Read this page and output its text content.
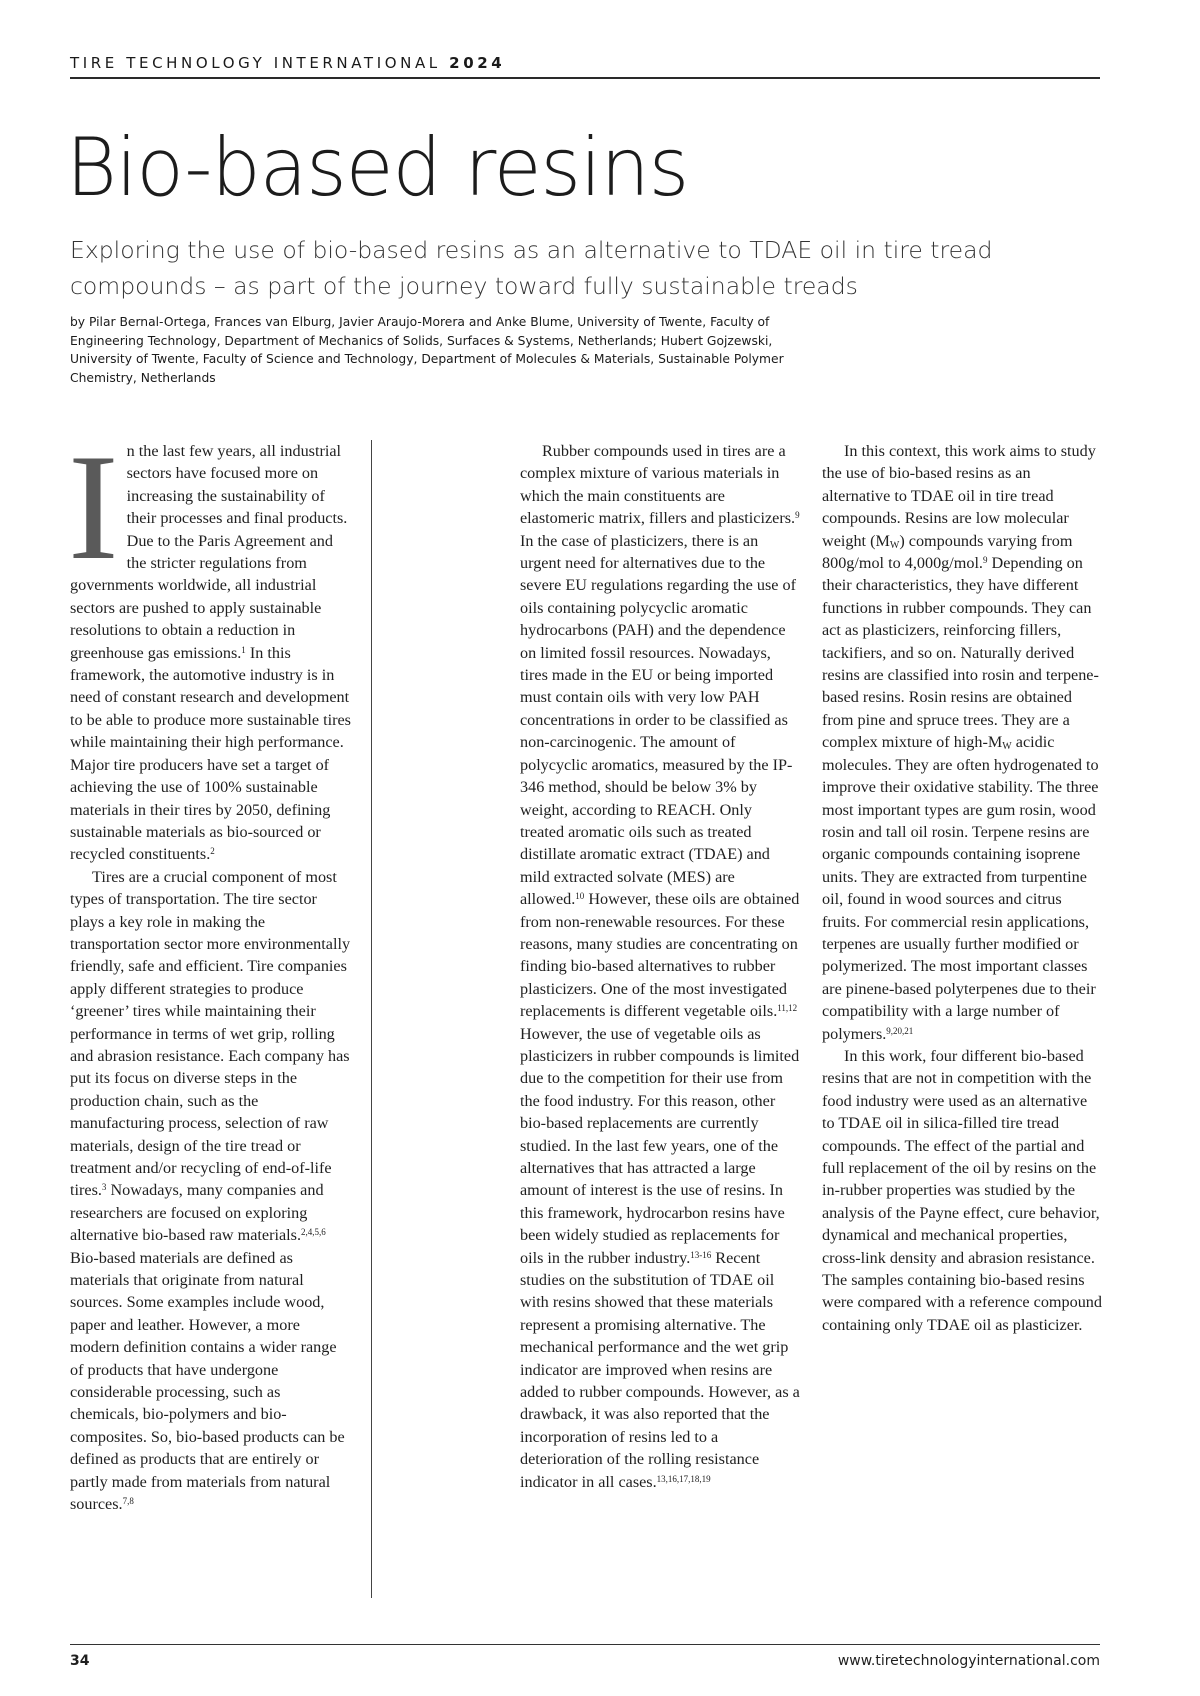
TIRE TECHNOLOGY INTERNATIONAL 2024
Bio-based resins

Exploring the use of bio-based resins as an alternative to TDAE oil in tire tread compounds – as part of the journey toward fully sustainable treads

by Pilar Bernal-Ortega, Frances van Elburg, Javier Araujo-Morera and Anke Blume, University of Twente, Faculty of Engineering Technology, Department of Mechanics of Solids, Surfaces & Systems, Netherlands; Hubert Gojzewski, University of Twente, Faculty of Science and Technology, Department of Molecules & Materials, Sustainable Polymer Chemistry, Netherlands

I n the last few years, all industrial sectors have focused more on increasing the sustainability of their processes and final products. Due to the Paris Agreement and the stricter regulations from governments worldwide, all industrial sectors are pushed to apply sustainable resolutions to obtain a reduction in greenhouse gas emissions.$^1$ In this framework, the automotive industry is in need of constant research and development to be able to produce more sustainable tires while maintaining their high performance. Major tire producers have set a target of achieving the use of 100% sustainable materials in their tires by 2050, defining sustainable materials as bio-sourced or recycled constituents.$^2$

Tires are a crucial component of most types of transportation. The tire sector plays a key role in making the transportation sector more environmentally friendly, safe and efficient. Tire companies apply different strategies to produce ‘greener’ tires while maintaining their performance in terms of wet grip, rolling and abrasion resistance. Each company has put its focus on diverse steps in the production chain, such as the manufacturing process, selection of raw materials, design of the tire tread or treatment and/or recycling of end-of-life tires.$^3$ Nowadays, many companies and researchers are focused on exploring alternative bio-based raw materials.$^{2,4,5,6}$ Bio-based materials are defined as materials that originate from natural sources. Some examples include wood, paper and leather. However, a more modern definition contains a wider range of products that have undergone considerable processing, such as chemicals, bio-polymers and bio-composites. So, bio-based products can be defined as products that are entirely or partly made from materials from natural sources.$^{7,8}$

Rubber compounds used in tires are a complex mixture of various materials in which the main constituents are elastomeric matrix, fillers and plasticizers.$^9$ In the case of plasticizers, there is an urgent need for alternatives due to the severe EU regulations regarding the use of oils containing polycyclic aromatic hydrocarbons (PAH) and the dependence on limited fossil resources. Nowadays, tires made in the EU or being imported must contain oils with very low PAH concentrations in order to be classified as non-carcinogenic. The amount of polycyclic aromatics, measured by the IP-346 method, should be below 3% by weight, according to REACH. Only treated aromatic oils such as treated distillate aromatic extract (TDAE) and mild extracted solvate (MES) are allowed.$^{10}$ However, these oils are obtained from non-renewable resources. For these reasons, many studies are concentrating on finding bio-based alternatives to rubber plasticizers. One of the most investigated replacements is different vegetable oils.$^{11,12}$ However, the use of vegetable oils as plasticizers in rubber compounds is limited due to the competition for their use from the food industry. For this reason, other bio-based replacements are currently studied. In the last few years, one of the alternatives that has attracted a large amount of interest is the use of resins. In this framework, hydrocarbon resins have been widely studied as replacements for oils in the rubber industry.$^{13-16}$ Recent studies on the substitution of TDAE oil with resins showed that these materials represent a promising alternative. The mechanical performance and the wet grip indicator are improved when resins are added to rubber compounds. However, as a drawback, it was also reported that the incorporation of resins led to a deterioration of the rolling resistance indicator in all cases.$^{13,16,17,18,19}$

In this context, this work aims to study the use of bio-based resins as an alternative to TDAE oil in tire tread compounds. Resins are low molecular weight $(M_W)$ compounds varying from 800g/mol to 4,000g/mol.$^9$ Depending on their characteristics, they have different functions in rubber compounds. They can act as plasticizers, reinforcing fillers, tackifiers, and so on. Naturally derived resins are classified into rosin and terpene-based resins. Rosin resins are obtained from pine and spruce trees. They are a complex mixture of high-$M_W$ acidic molecules. They are often hydrogenated to improve their oxidative stability. The three most important types are gum rosin, wood rosin and tall oil rosin. Terpene resins are organic compounds containing isoprene units. They are extracted from turpentine oil, found in wood sources and citrus fruits. For commercial resin applications, terpenes are usually further modified or polymerized. The most important classes are pinene-based polyterpenes due to their compatibility with a large number of polymers.$^{9,20,21}$

In this work, four different bio-based resins that are not in competition with the food industry were used as an alternative to TDAE oil in silica-filled tire tread compounds. The effect of the partial and full replacement of the oil by resins on the in-rubber properties was studied by the analysis of the Payne effect, cure behavior, dynamical and mechanical properties, cross-link density and abrasion resistance. The samples containing bio-based resins were compared with a reference compound containing only TDAE oil as plasticizer.

34	www.tiretechnologyinternational.com
